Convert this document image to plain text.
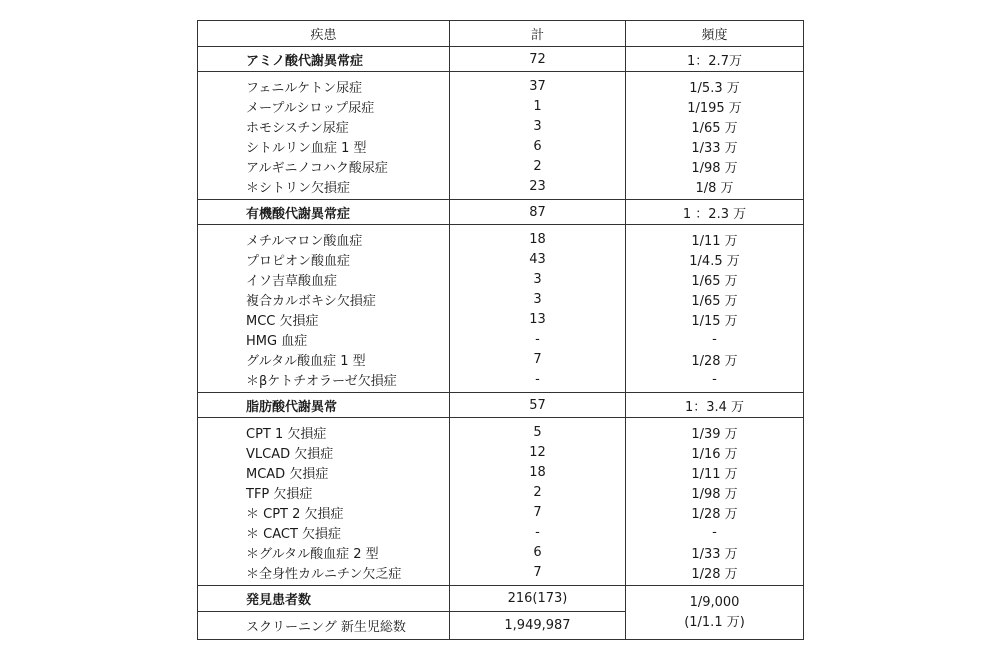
疾患	計	頻度
アミノ酸代謝異常症	72	1：2.7万
フェニルケトン尿症	37	1/5.3 万
メープルシロップ尿症	1	1/195 万
ホモシスチン尿症	3	1/65 万
シトルリン血症 1 型	6	1/33 万
アルギニノコハク酸尿症	2	1/98 万
＊シトリン欠損症	23	1/8 万
有機酸代謝異常症	87	1 ：2.3 万
メチルマロン酸血症	18	1/11 万
プロピオン酸血症	43	1/4.5 万
イソ吉草酸血症	3	1/65 万
複合カルボキシ欠損症	3	1/65 万
MCC 欠損症	13	1/15 万
HMG 血症	-	-
グルタル酸血症 1 型	7	1/28 万
＊βケトチオラーゼ欠損症	-	-
脂肪酸代謝異常	57	1：3.4 万
CPT 1 欠損症	5	1/39 万
VLCAD 欠損症	12	1/16 万
MCAD 欠損症	18	1/11 万
TFP 欠損症	2	1/98 万
＊ CPT 2 欠損症	7	1/28 万
＊ CACT 欠損症	-	-
＊グルタル酸血症 2 型	6	1/33 万
＊全身性カルニチン欠乏症	7	1/28 万
発見患者数	216(173)	1/9,000
(1/1.1 万)

スクリーニング 新生児総数	1,949,987	
